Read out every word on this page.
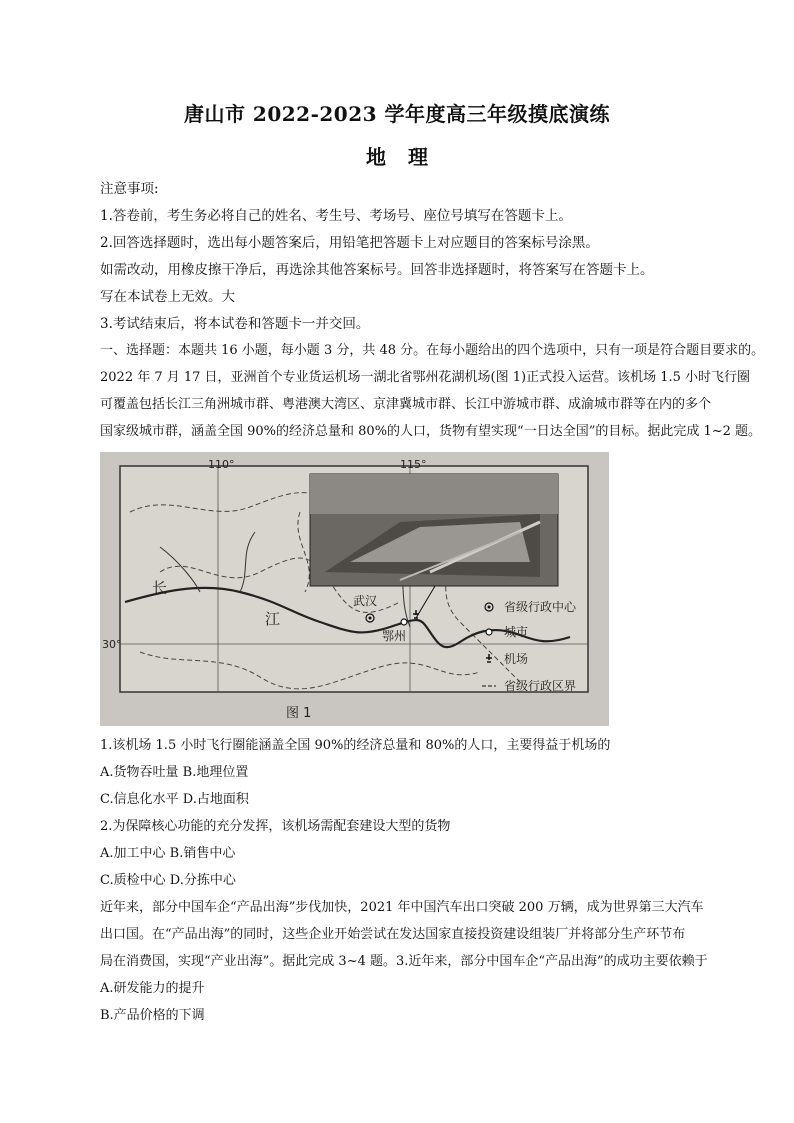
唐山市 2022-2023 学年度高三年级摸底演练
地理
注意事项:
1.答卷前，考生务必将自己的姓名、考生号、考场号、座位号填写在答题卡上。
2.回答选择题时，选出每小题答案后，用铅笔把答题卡上对应题目的答案标号涂黑。
如需改动，用橡皮擦干净后，再选涂其他答案标号。回答非选择题时，将答案写在答题卡上。
写在本试卷上无效。大
3.考试结束后，将本试卷和答题卡一并交回。
一、选择题：本题共 16 小题，每小题 3 分，共 48 分。在每小题给出的四个选项中，只有一项是符合题目要求的。
2022 年 7 月 17 日，亚洲首个专业货运机场一湖北省鄂州花湖机场(图 1)正式投入运营。该机场 1.5 小时飞行圈
可覆盖包括长江三角洲城市群、粤港澳大湾区、京津冀城市群、长江中游城市群、成渝城市群等在内的多个
国家级城市群，涵盖全国 90%的经济总量和 80%的人口，货物有望实现“一日达全国”的目标。据此完成 1~2 题。
省级行政中心
城市
机场
省级行政区界
110°	115°
30°
长
江
武汉
鄂州
图 1
1.该机场 1.5 小时飞行圈能涵盖全国 90%的经济总量和 80%的人口，主要得益于机场的
A.货物吞吐量 B.地理位置
C.信息化水平 D.占地面积
2.为保障核心功能的充分发挥，该机场需配套建设大型的货物
A.加工中心 B.销售中心
C.质检中心 D.分拣中心
近年来，部分中国车企“产品出海”步伐加快，2021 年中国汽车出口突破 200 万辆，成为世界第三大汽车
出口国。在“产品出海”的同时，这些企业开始尝试在发达国家直接投资建设组装厂并将部分生产环节布
局在消费国，实现“产业出海”。据此完成 3~4 题。3.近年来，部分中国车企“产品出海”的成功主要依赖于
A.研发能力的提升
B.产品价格的下调
